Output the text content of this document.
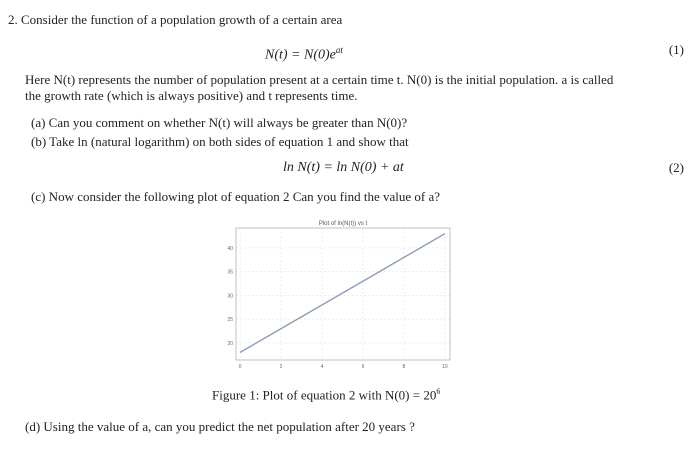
2. Consider the function of a population growth of a certain area
$N(t) = N(0)e^{at}$	(1)
Here N(t) represents the number of population present at a certain time t. N(0) is the initial population. a is called
the growth rate (which is always positive) and t represents time.
(a) Can you comment on whether N(t) will always be greater than N(0)?
(b) Take ln (natural logarithm) on both sides of equation 1 and show that
ln N(t) = ln N(0) + at	(2)
(c) Now consider the following plot of equation 2 Can you find the value of a?
Plot of ln(N(t)) vs t
0	2	4	6	8	10
20
25
30
35
40
Figure 1: Plot of equation 2 with $N(0) = 20^6$
(d) Using the value of a, can you predict the net population after 20 years ?
